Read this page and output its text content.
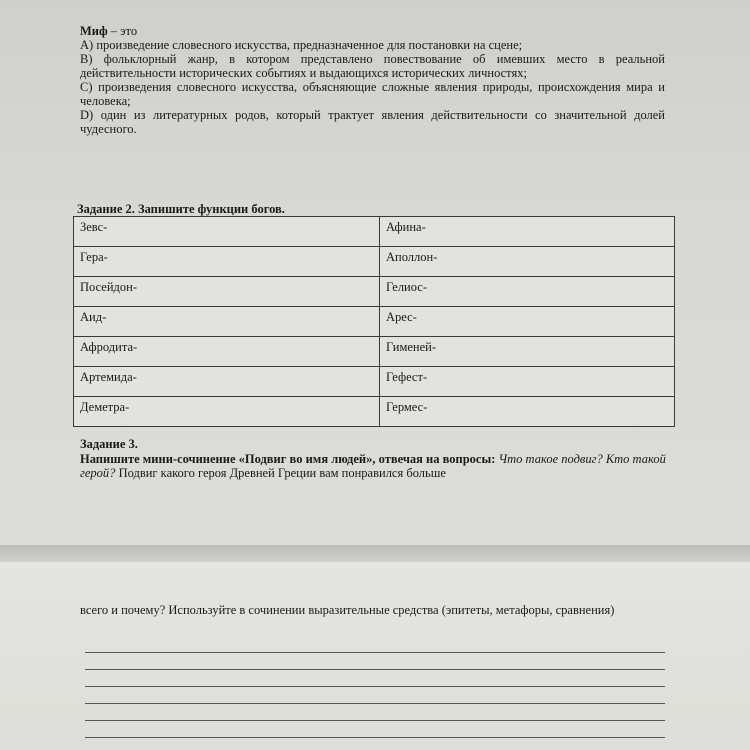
Миф – это

А) произведение словесного искусства, предназначенное для постановки на сцене;

В) фольклорный жанр, в котором представлено повествование об имевших место в реальной действительности исторических событиях и выдающихся исторических личностях;

С) произведения словесного искусства, объясняющие сложные явления природы, происхождения мира и человека;

D) один из литературных родов, который трактует явления действительности со значительной долей чудесного.

Задание 2. Запишите функции богов.
Зевс-	Афина-
Гера-	Аполлон-
Посейдон-	Гелиос-
Аид-	Арес-
Афродита-	Гименей-
Артемида-	Гефест-
Деметра-	Гермес-
Задание 3.
Напишите мини-сочинение «Подвиг во имя людей», отвечая на вопросы: Что такое подвиг? Кто такой герой? Подвиг какого героя Древней Греции вам понравился больше
всего и почему? Используйте в сочинении выразительные средства (эпитеты, метафоры, сравнения)
